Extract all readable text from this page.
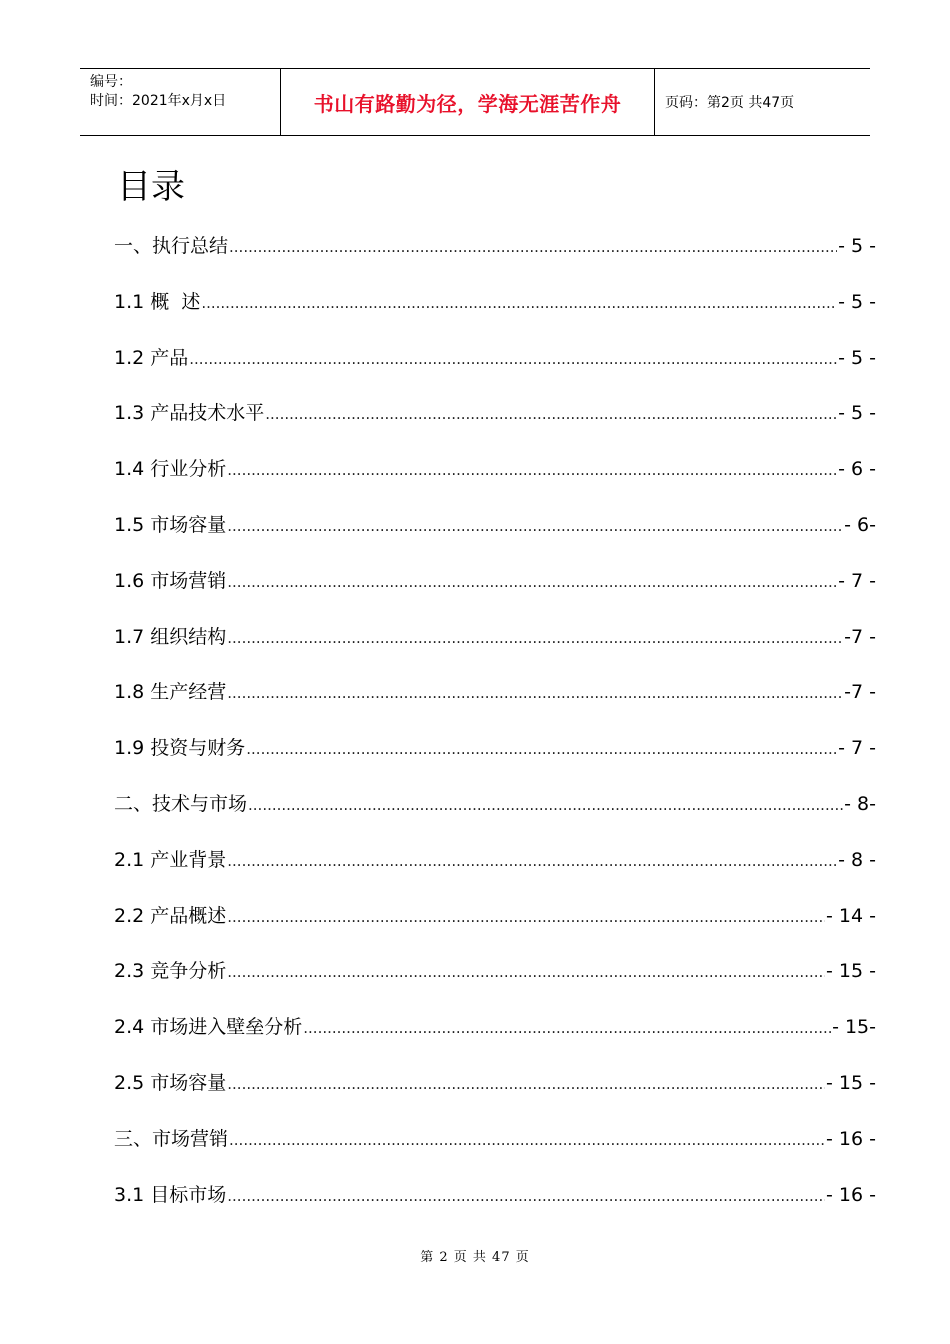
编号：
时间：2021年x月x日	书山有路勤为径，学海无涯苦作舟	页码：第2页 共47页
目录
一、执行总结 .....	- 5 -
1.1 概  述 .....	- 5 -
1.2 产品 .....	- 5 -
1.3 产品技术水平 .....	- 5 -
1.4 行业分析 .....	- 6 -
1.5 市场容量 .....	- 6-
1.6 市场营销 .....	- 7 -
1.7 组织结构 .....	-7 -
1.8 生产经营 .....	-7 -
1.9 投资与财务 .....	- 7 -
二、技术与市场 .....	- 8-
2.1 产业背景 .....	- 8 -
2.2 产品概述 .....	- 14 -
2.3 竞争分析 .....	- 15 -
2.4 市场进入壁垒分析 .....	- 15-
2.5 市场容量 .....	- 15 -
三、市场营销 .....	- 16 -
3.1 目标市场 .....	- 16 -
第 2 页 共 47 页
